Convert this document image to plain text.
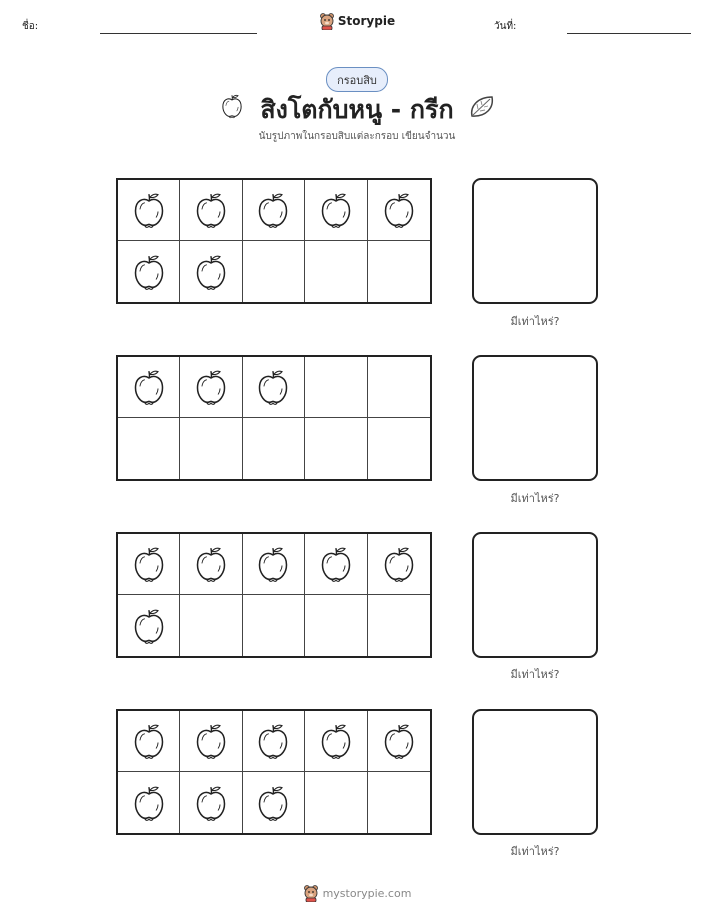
ชื่อ:	Storypie	วันที่:
กรอบสิบ
สิงโตกับหนู - กรีก
นับรูปภาพในกรอบสิบแต่ละกรอบ เขียนจำนวน
มีเท่าไหร่?
มีเท่าไหร่?
มีเท่าไหร่?
มีเท่าไหร่?
mystorypie.com
